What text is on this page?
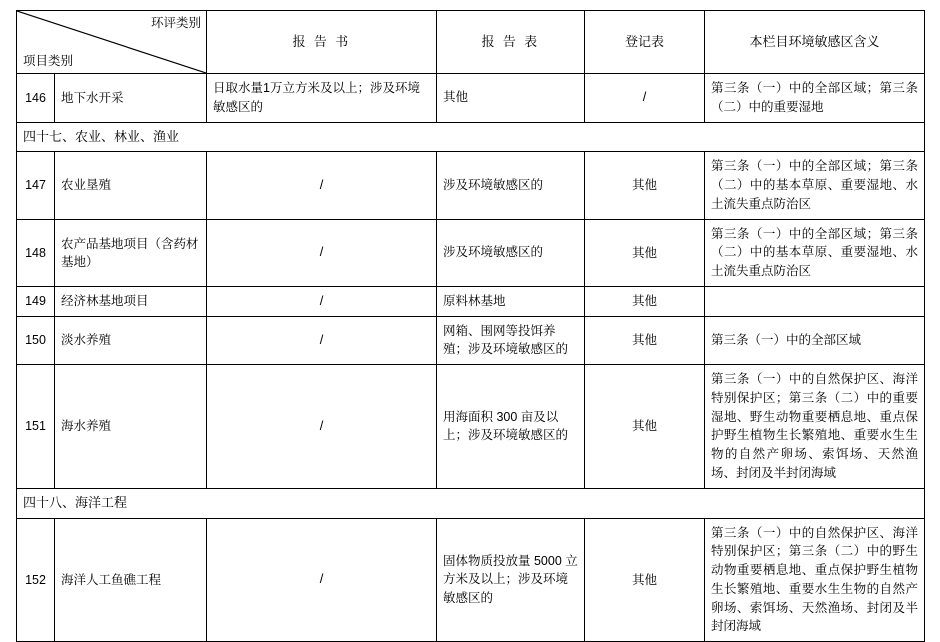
环评类别
项目类别		报 告 书	报 告 表	登记表	本栏目环境敏感区含义
146	地下水开采	日取水量1万立方米及以上；涉及环境敏感区的	其他	/	第三条（一）中的全部区域；第三条（二）中的重要湿地
四十七、农业、林业、渔业					
147	农业垦殖	/	涉及环境敏感区的	其他	第三条（一）中的全部区域；第三条（二）中的基本草原、重要湿地、水土流失重点防治区
148	农产品基地项目（含药材基地）	/	涉及环境敏感区的	其他	第三条（一）中的全部区域；第三条（二）中的基本草原、重要湿地、水土流失重点防治区
149	经济林基地项目	/	原料林基地	其他	
150	淡水养殖	/	网箱、围网等投饵养殖；涉及环境敏感区的	其他	第三条（一）中的全部区域
151	海水养殖	/	用海面积 300 亩及以上；涉及环境敏感区的	其他	第三条（一）中的自然保护区、海洋特别保护区；第三条（二）中的重要湿地、野生动物重要栖息地、重点保护野生植物生长繁殖地、重要水生生物的自然产卵场、索饵场、天然渔场、封闭及半封闭海域
四十八、海洋工程					
152	海洋人工鱼礁工程	/	固体物质投放量 5000 立方米及以上；涉及环境敏感区的	其他	第三条（一）中的自然保护区、海洋特别保护区；第三条（二）中的野生动物重要栖息地、重点保护野生植物生长繁殖地、重要水生生物的自然产卵场、索饵场、天然渔场、封闭及半封闭海域
